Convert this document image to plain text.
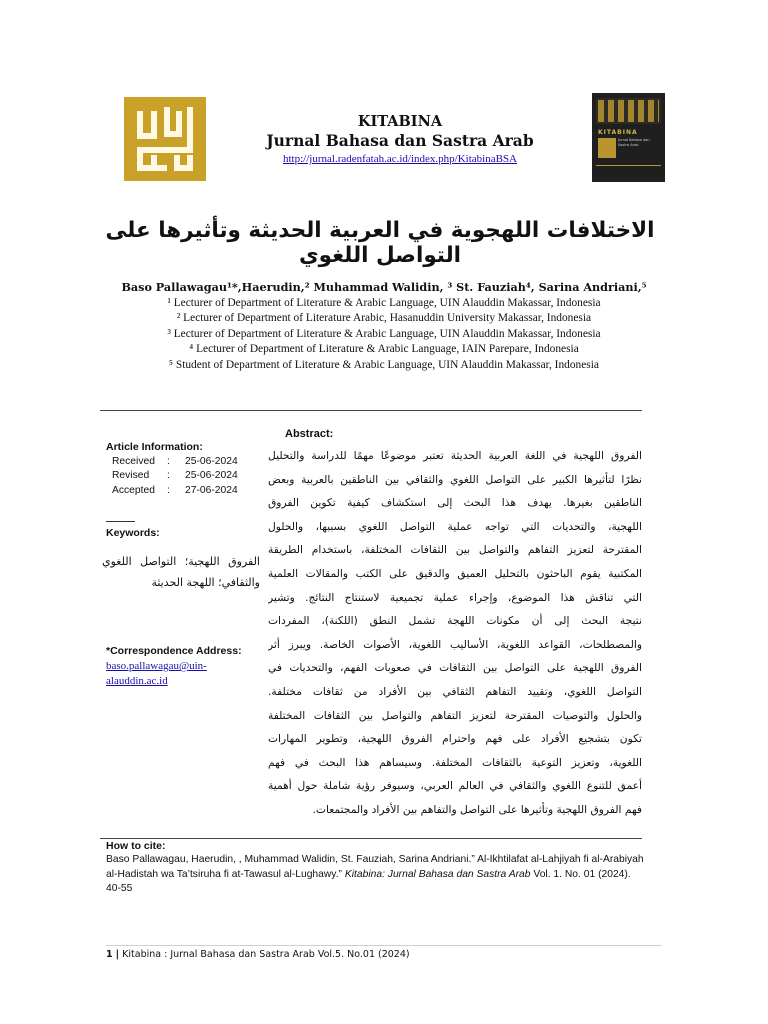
KITABINA
Jurnal Bahasa dan Sastra Arab
KITABINA
Jurnal Bahasa dan Sastra Arab
http://jurnal.radenfatah.ac.id/index.php/KitabinaBSA
الاختلافات اللهجوية في العربية الحديثة وتأثيرها على التواصل اللغوي
Baso Pallawagau¹*,Haerudin,² Muhammad Walidin, ³ St. Fauziah⁴, Sarina Andriani,⁵
¹ Lecturer of Department of Literature & Arabic Language, UIN Alauddin Makassar, Indonesia
² Lecturer of Department of Literature Arabic, Hasanuddin University Makassar, Indonesia
³ Lecturer of Department of Literature & Arabic Language, UIN Alauddin Makassar, Indonesia
⁴ Lecturer of Department of Literature & Arabic Language, IAIN Parepare, Indonesia
⁵ Student of Department of Literature & Arabic Language, UIN Alauddin Makassar, Indonesia
Article Information:
Received	:	25-06-2024
Revised	:	25-06-2024
Accepted	:	27-06-2024
Keywords:
الفروق اللهجية؛ التواصل اللغوي والثقافي؛ اللهجة الحديثة
*Correspondence Address:
baso.pallawagau@uin-alauddin.ac.id
Abstract:
الفروق اللهجية في اللغة العربية الحديثة تعتبر موضوعًا مهمًا للدراسة والتحليل
نظرًا لتأثيرها الكبير على التواصل اللغوي والثقافي بين الناطقين بالعربية وبعض
الناطقين بغيرها. يهدف هذا البحث إلى استكشاف كيفية تكوين الفروق
اللهجية، والتحديات التي تواجه عملية التواصل اللغوي بسببها، والحلول
المقترحة لتعزيز التفاهم والتواصل بين الثقافات المختلفة، باستخدام الطريقة
المكتبية يقوم الباحثون بالتحليل العميق والدقيق على الكتب والمقالات العلمية
التي تناقش هذا الموضوع، وإجراء عملية تجميعية لاستنتاج النتائج. وتشير
نتيجة البحث إلى أن مكونات اللهجة تشمل النطق (اللكنة)، المفردات
والمصطلحات، القواعد اللغوية، الأساليب اللغوية، الأصوات الخاصة. ويبرز أثر
الفروق اللهجية على التواصل بين الثقافات في صعوبات الفهم، والتحديات في
التواصل اللغوي، وتقييد التفاهم الثقافي بين الأفراد من ثقافات مختلفة.
والحلول والتوصيات المقترحة لتعزيز التفاهم والتواصل بين الثقافات المختلفة
تكون بتشجيع الأفراد على فهم واحترام الفروق اللهجية، وتطوير المهارات
اللغوية، وتعزيز التوعية بالثقافات المختلفة. وسيساهم هذا البحث في فهم
أعمق للتنوع اللغوي والثقافي في العالم العربي، وسيوفر رؤية شاملة حول أهمية
فهم الفروق اللهجية وتأثيرها على التواصل والتفاهم بين الأفراد والمجتمعات.
How to cite:
Baso Pallawagau, Haerudin, , Muhammad Walidin, St. Fauziah, Sarina Andriani.” Al-Ikhtilafat al-Lahjiyah fi al-Arabiyah al-Hadistah wa Ta’tsiruha fi at-Tawasul al-Lughawy.” Kitabina: Jurnal Bahasa dan Sastra Arab Vol. 1. No. 01 (2024). 40-55
1 | Kitabina : Jurnal Bahasa dan Sastra Arab Vol.5. No.01 (2024)
